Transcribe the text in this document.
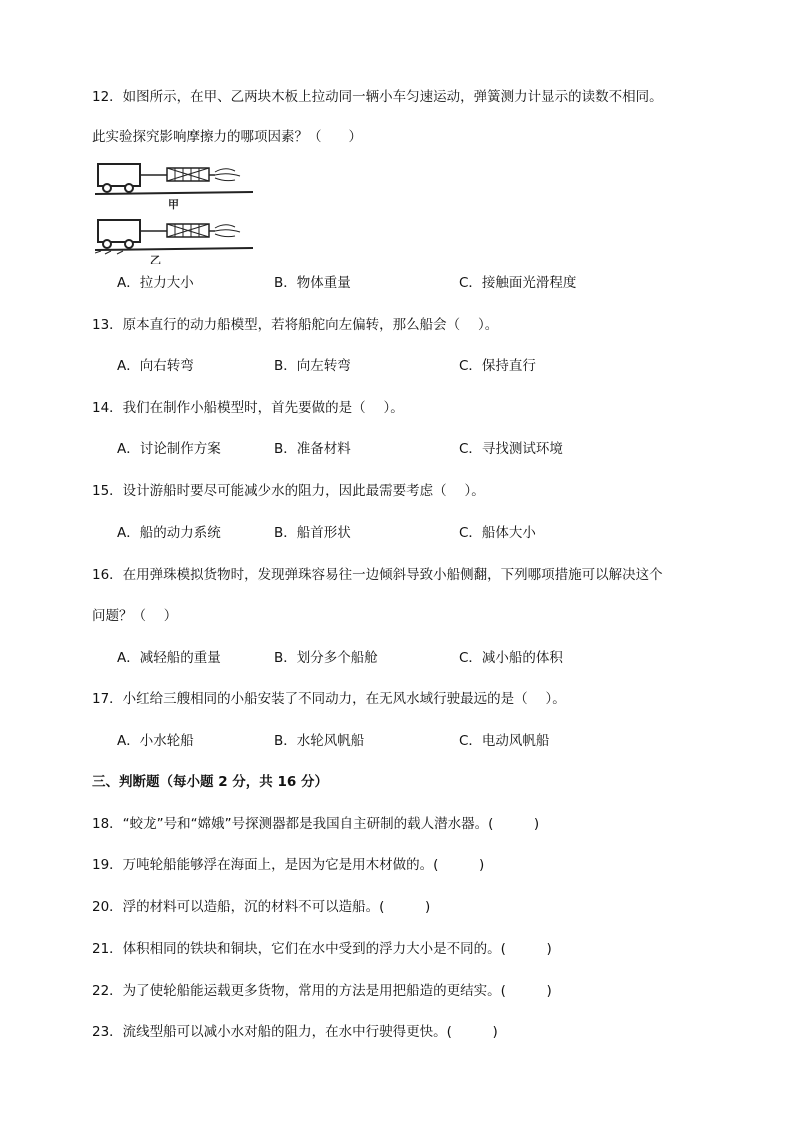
12．如图所示，在甲、乙两块木板上拉动同一辆小车匀速运动，弹簧测力计显示的读数不相同。
此实验探究影响摩擦力的哪项因素？（　　）
甲
乙
A．拉力大小	B．物体重量	C．接触面光滑程度
13．原本直行的动力船模型，若将船舵向左偏转，那么船会（　 ）。
A．向右转弯	B．向左转弯	C．保持直行
14．我们在制作小船模型时，首先要做的是（　 ）。
A．讨论制作方案	B．准备材料	C．寻找测试环境
15．设计游船时要尽可能减少水的阻力，因此最需要考虑（　 ）。
A．船的动力系统	B．船首形状	C．船体大小
16．在用弹珠模拟货物时，发现弹珠容易往一边倾斜导致小船侧翻，下列哪项措施可以解决这个
问题？（　 ）
A．减轻船的重量	B．划分多个船舱	C．减小船的体积
17．小红给三艘相同的小船安装了不同动力，在无风水域行驶最远的是（　 ）。
A．小水轮船	B．水轮风帆船	C．电动风帆船
三、判断题（每小题 2 分，共 16 分）
18．“蛟龙”号和“嫦娥”号探测器都是我国自主研制的载人潜水器。(　　　)
19．万吨轮船能够浮在海面上，是因为它是用木材做的。(　　　)
20．浮的材料可以造船，沉的材料不可以造船。(　　　)
21．体积相同的铁块和铜块，它们在水中受到的浮力大小是不同的。(　　　)
22．为了使轮船能运载更多货物，常用的方法是用把船造的更结实。(　　　)
23．流线型船可以减小水对船的阻力，在水中行驶得更快。(　　　)
